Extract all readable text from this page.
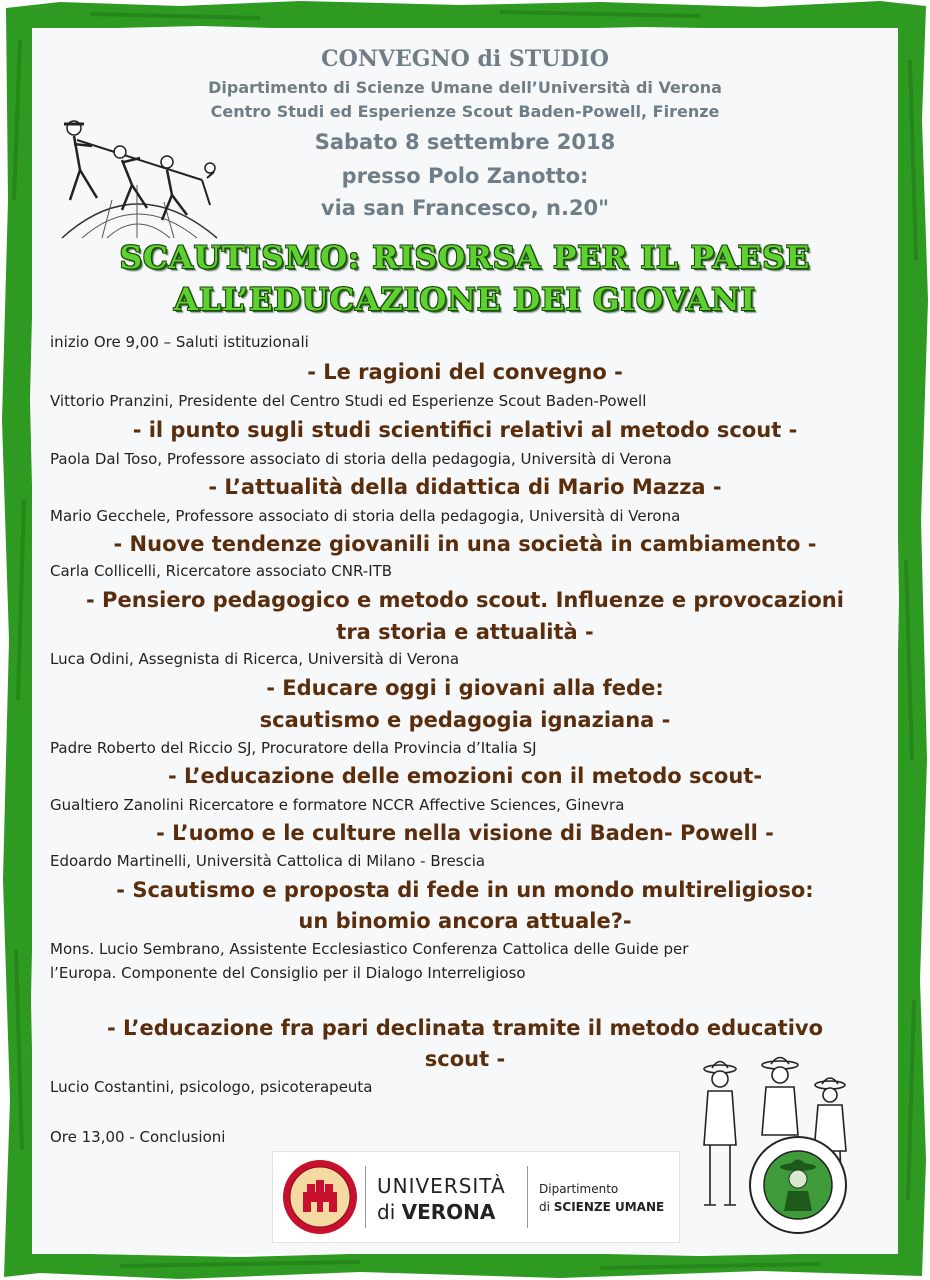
CONVEGNO di STUDIO

Dipartimento di Scienze Umane dell’Università di Verona

Centro Studi ed Esperienze Scout Baden-Powell, Firenze

Sabato 8 settembre 2018

presso Polo Zanotto:

via san Francesco, n.20"

SCAUTISMO: RISORSA PER IL PAESE

ALL’EDUCAZIONE DEI GIOVANI

inizio Ore 9,00 – Saluti istituzionali

- Le ragioni del convegno -

Vittorio Pranzini, Presidente del Centro Studi ed Esperienze Scout Baden-Powell

- il punto sugli studi scientifici relativi al metodo scout -

Paola Dal Toso, Professore associato di storia della pedagogia, Università di Verona

- L’attualità della didattica di Mario Mazza -

Mario Gecchele, Professore associato di storia della pedagogia, Università di Verona

- Nuove tendenze giovanili in una società in cambiamento -

Carla Collicelli, Ricercatore associato CNR-ITB

- Pensiero pedagogico e metodo scout. Influenze e provocazioni

tra storia e attualità -

Luca Odini, Assegnista di Ricerca, Università di Verona

- Educare oggi i giovani alla fede:

scautismo e pedagogia ignaziana -

Padre Roberto del Riccio SJ, Procuratore della Provincia d’Italia SJ

- L’educazione delle emozioni con il metodo scout-

Gualtiero Zanolini Ricercatore e formatore NCCR Affective Sciences, Ginevra

- L’uomo e le culture nella visione di Baden- Powell -

Edoardo Martinelli, Università Cattolica di Milano - Brescia

- Scautismo e proposta di fede in un mondo multireligioso:

un binomio ancora attuale?-

Mons. Lucio Sembrano, Assistente Ecclesiastico Conferenza Cattolica delle Guide per

l’Europa. Componente del Consiglio per il Dialogo Interreligioso

- L’educazione fra pari declinata tramite il metodo educativo

scout -

Lucio Costantini, psicologo, psicoterapeuta

Ore 13,00 - Conclusioni

UNIVERSITÀ
di VERONA
Dipartimento
di SCIENZE UMANE
